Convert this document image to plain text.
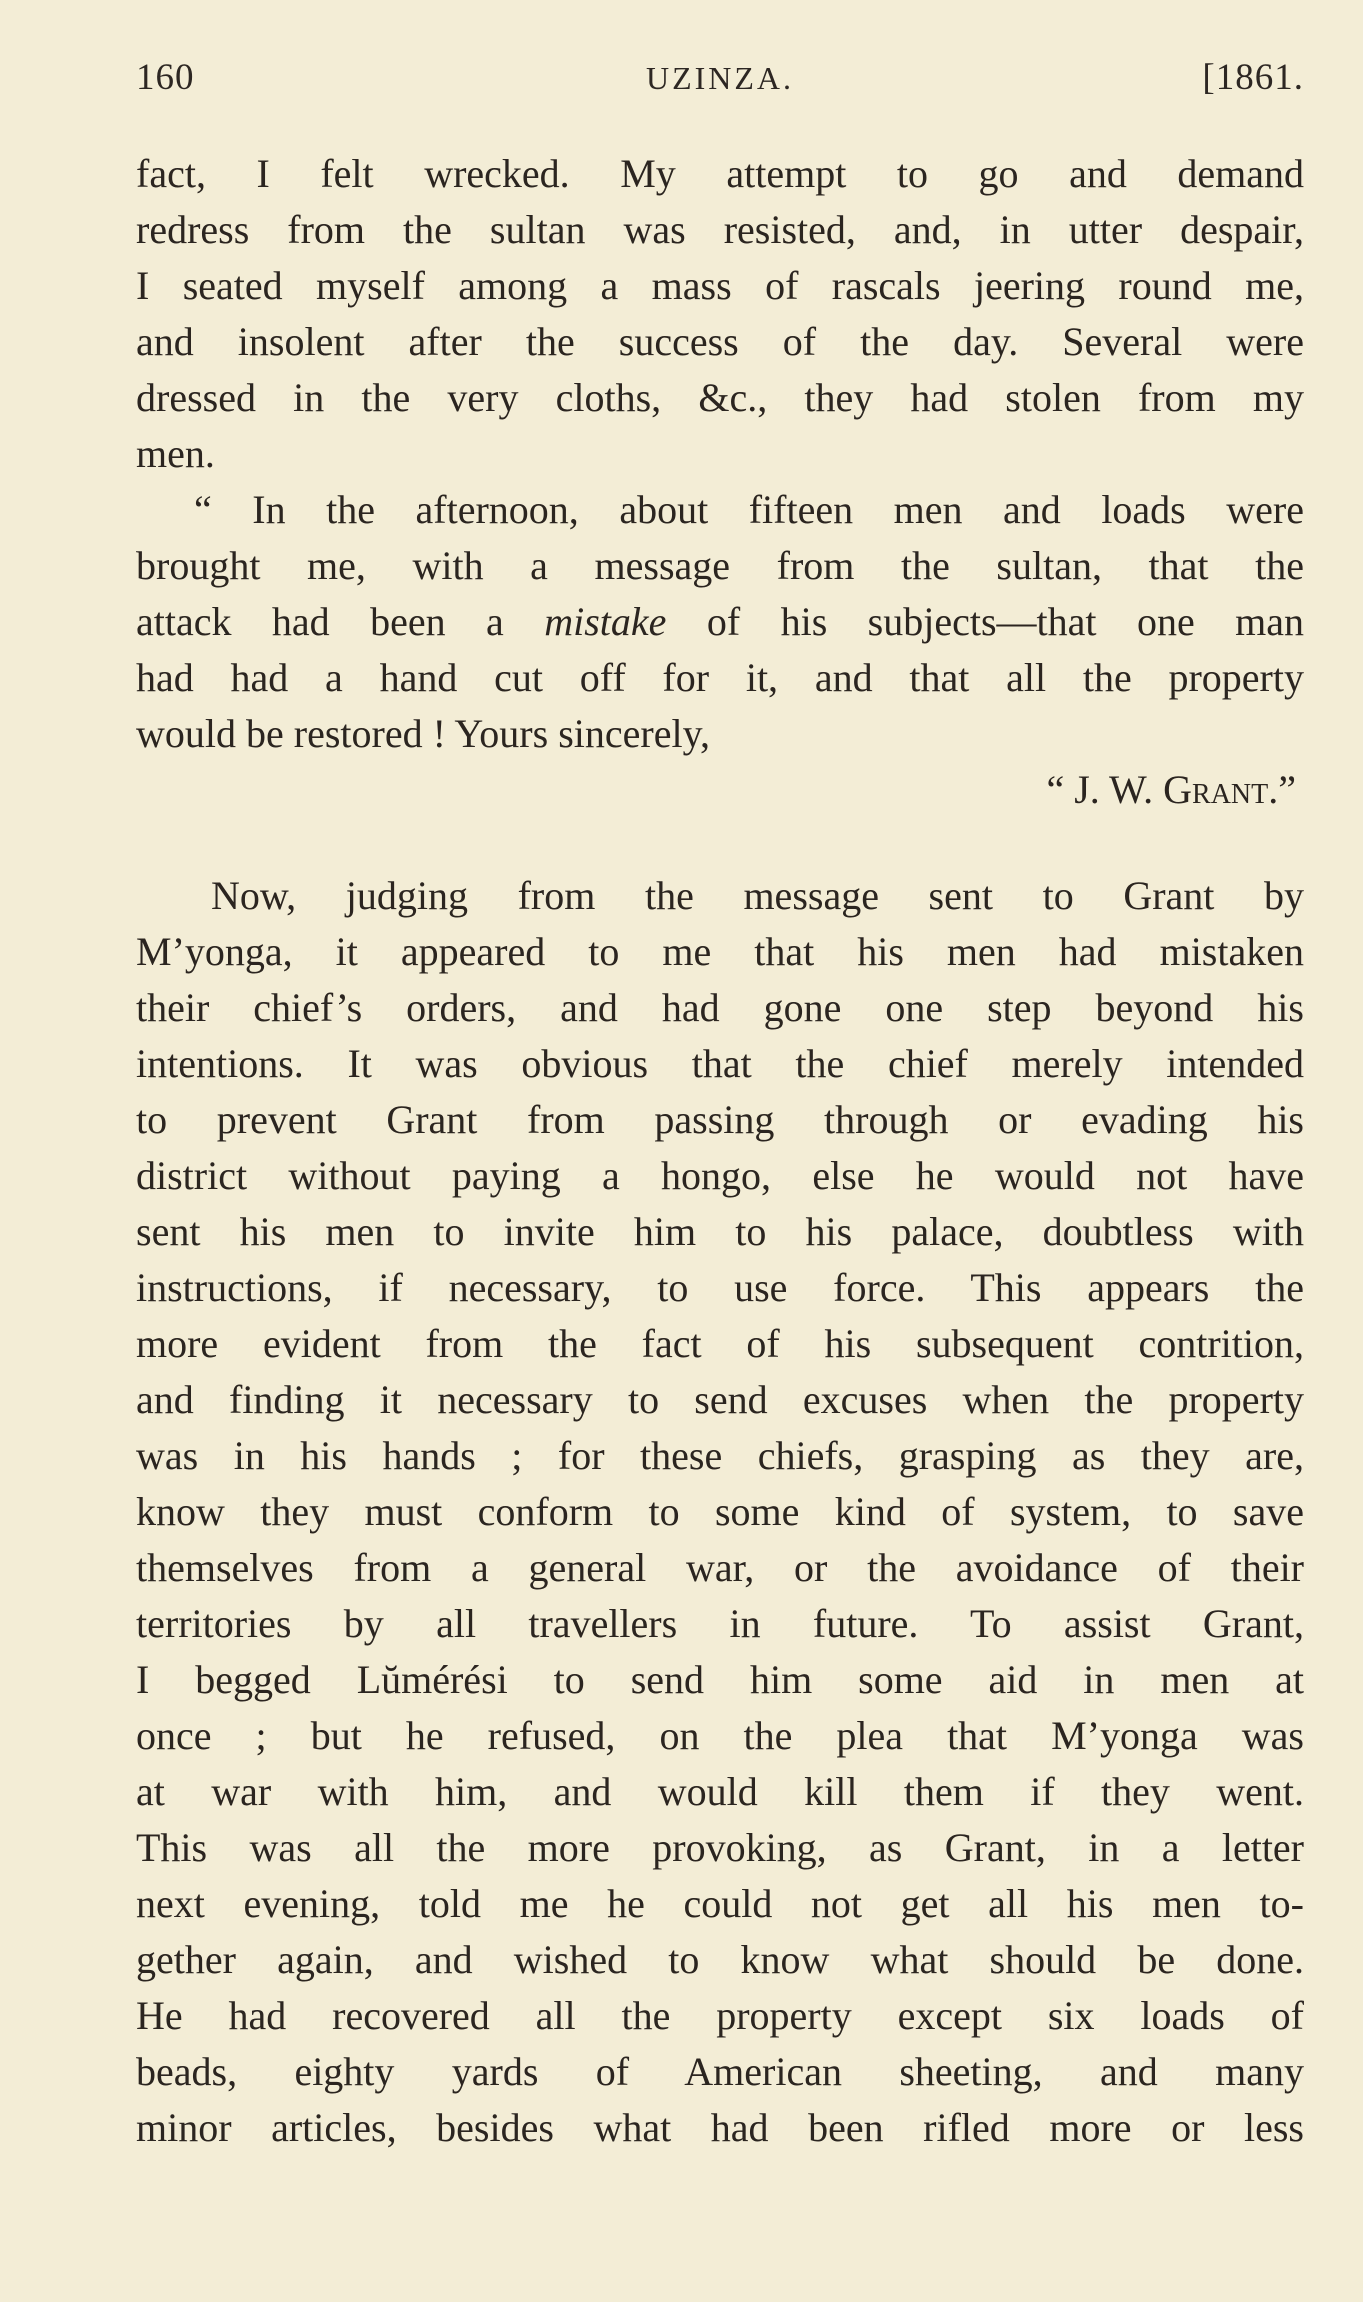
160	UZINZA.	[1861.
fact, I felt wrecked. My attempt to go and demand
redress from the sultan was resisted, and, in utter despair,
I seated myself among a mass of rascals jeering round me,
and insolent after the success of the day. Several were
dressed in the very cloths, &c., they had stolen from my
men.
“ In the afternoon, about fifteen men and loads were
brought me, with a message from the sultan, that the
attack had been a mistake of his subjects—that one man
had had a hand cut off for it, and that all the property
would be restored ! Yours sincerely,
“ J. W. Grant.”
Now, judging from the message sent to Grant by
M’yonga, it appeared to me that his men had mistaken
their chief’s orders, and had gone one step beyond his
intentions. It was obvious that the chief merely intended
to prevent Grant from passing through or evading his
district without paying a hongo, else he would not have
sent his men to invite him to his palace, doubtless with
instructions, if necessary, to use force. This appears the
more evident from the fact of his subsequent contrition,
and finding it necessary to send excuses when the property
was in his hands ; for these chiefs, grasping as they are,
know they must conform to some kind of system, to save
themselves from a general war, or the avoidance of their
territories by all travellers in future. To assist Grant,
I begged Lŭmérési to send him some aid in men at
once ; but he refused, on the plea that M’yonga was
at war with him, and would kill them if they went.
This was all the more provoking, as Grant, in a letter
next evening, told me he could not get all his men to-
gether again, and wished to know what should be done.
He had recovered all the property except six loads of
beads, eighty yards of American sheeting, and many
minor articles, besides what had been rifled more or less
